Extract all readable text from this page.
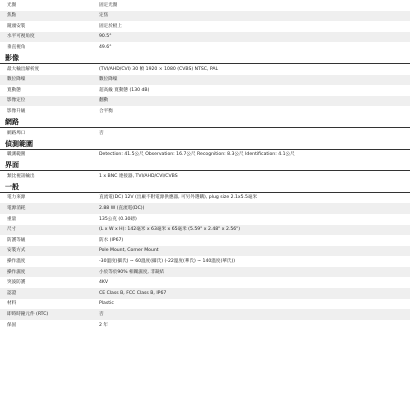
光圈	固定光圈
焦點	定焦
鏡頭安裝	固定於板上
水平可視角度	90.5°
垂直視角	49.6°
影像	
最大輸出解析度	(TVI/AHD/CVI) 30 幀 1920 × 1080 (CVBS) NTSC, PAL
數位降噪	數位降噪
寬動態	超高級 寬動態 (130 dB)
影像定位	翻動
影像升級	合平衡
網路	
網路埠口	否
偵測範圍	
職測範圍	Detection: 41.5公尺 Observation: 16.7公尺 Recognition: 8.3公尺 Identification: 4.1公尺
界面	
類比視訊輸出	1 x BNC 連接器, TVI/AHD/CVI/CVBS
一般	
電力來源	直流電(DC) 12V (出廠不附電源供應器, 可另外選購), plug size 2.1x5.5毫米
電源消耗	2.88 W (直流電(DC))
重量	135公克 (0.30磅)
尺寸	(L x W x H): 142毫米 x 63毫米 x 65毫米 (5.59" x 2.48" x 2.56")
防護等級	防水 (IP67)
安裝方式	Pole Mount, Corner Mount
操作溫度	-30溫度(攝氏) ~ 60溫度(攝氏) (-22溫度(華氏) ~ 140溫度(華氏))
操作濕度	小於等於90% 相關濕度, 非凝結
突波防護	4KV
認證	CE Class B, FCC Class B, IP67
材料	Plastic
即時時鐘元件 (RTC)	否
保固	2 年
